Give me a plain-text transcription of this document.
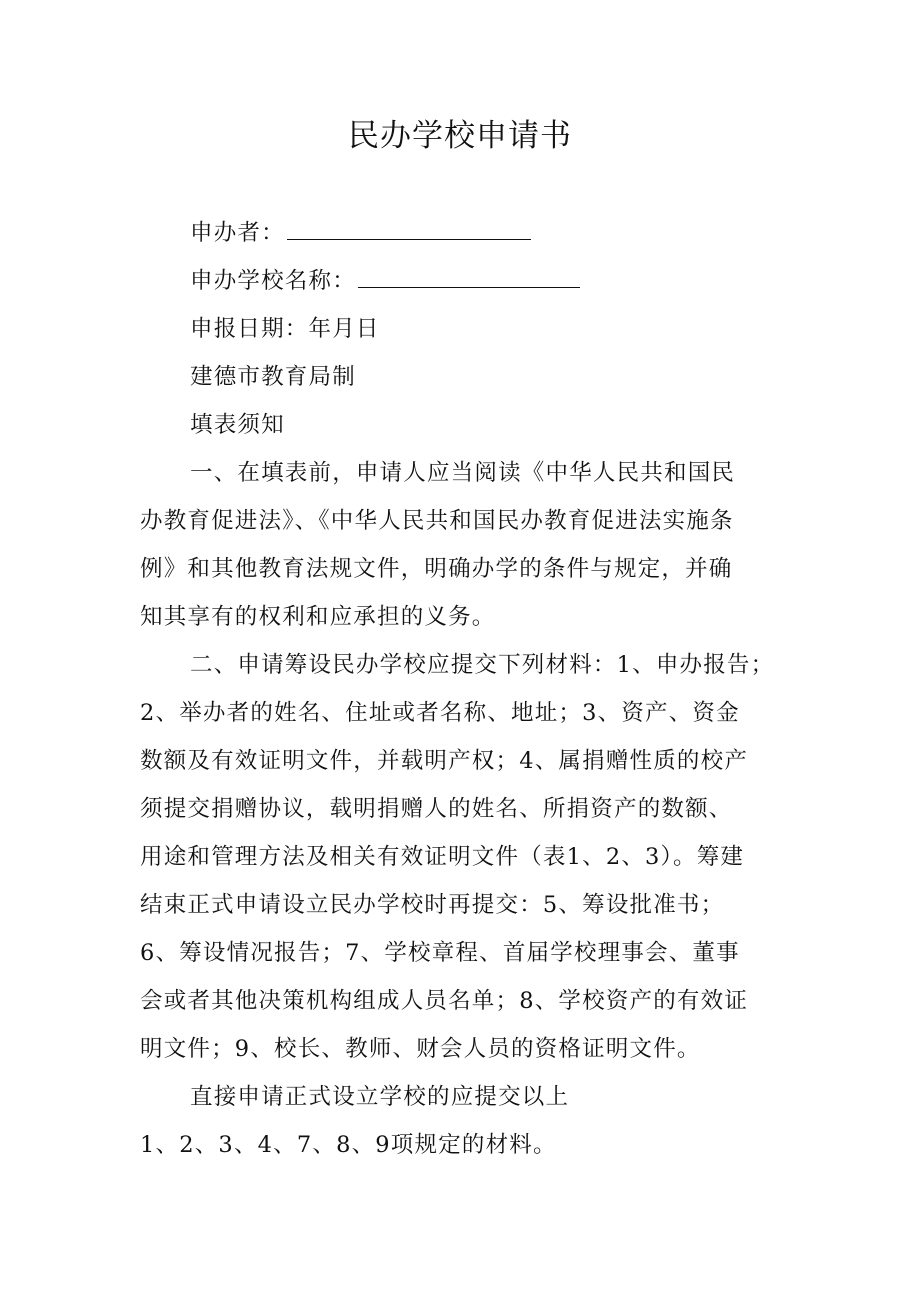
民办学校申请书
申办者：
申办学校名称：
申报日期：年月日
建德市教育局制
填表须知
一、在填表前，申请人应当阅读《中华人民共和国民
办教育促进法》、《中华人民共和国民办教育促进法实施条
例》和其他教育法规文件，明确办学的条件与规定，并确
知其享有的权利和应承担的义务。
二、申请筹设民办学校应提交下列材料：1、申办报告；
2、举办者的姓名、住址或者名称、地址；3、资产、资金
数额及有效证明文件，并载明产权；4、属捐赠性质的校产
须提交捐赠协议，载明捐赠人的姓名、所捐资产的数额、
用途和管理方法及相关有效证明文件（表1、2、3）。筹建
结束正式申请设立民办学校时再提交：5、筹设批准书；
6、筹设情况报告；7、学校章程、首届学校理事会、董事
会或者其他决策机构组成人员名单；8、学校资产的有效证
明文件；9、校长、教师、财会人员的资格证明文件。
直接申请正式设立学校的应提交以上
1、2、3、4、7、8、9项规定的材料。
